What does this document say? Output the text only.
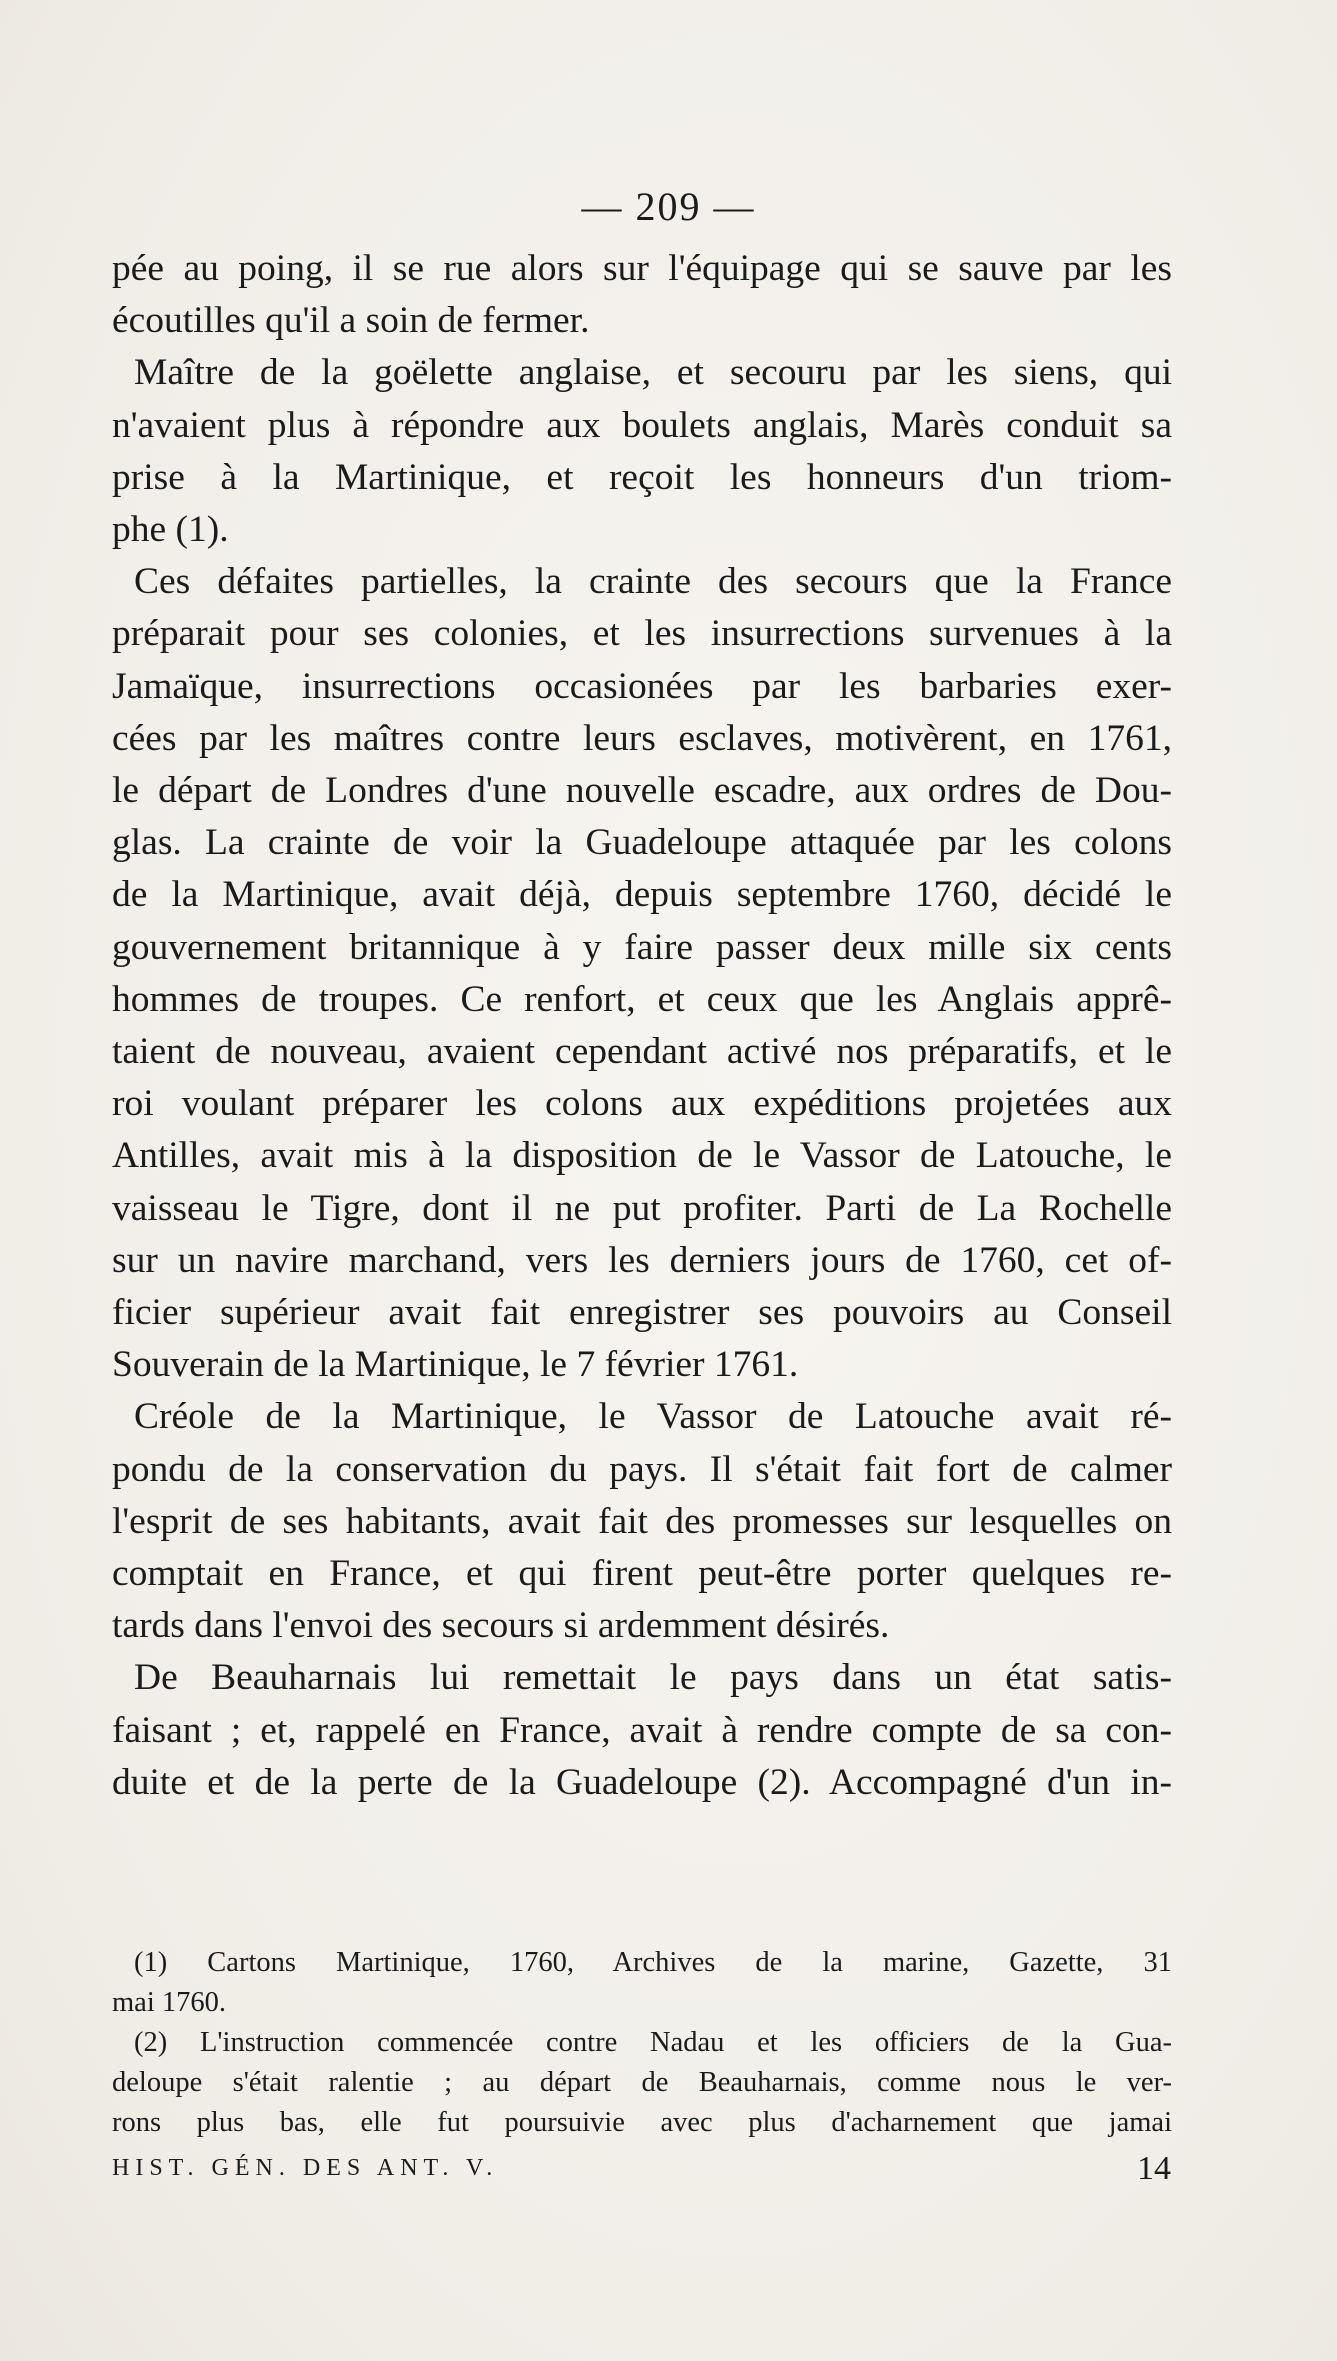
— 209 —
pée au poing, il se rue alors sur l'équipage qui se sauve par les
écoutilles qu'il a soin de fermer.
Maître de la goëlette anglaise, et secouru par les siens, qui
n'avaient plus à répondre aux boulets anglais, Marès conduit sa
prise à la Martinique, et reçoit les honneurs d'un triom-
phe (1).
Ces défaites partielles, la crainte des secours que la France
préparait pour ses colonies, et les insurrections survenues à la
Jamaïque, insurrections occasionées par les barbaries exer-
cées par les maîtres contre leurs esclaves, motivèrent, en 1761,
le départ de Londres d'une nouvelle escadre, aux ordres de Dou-
glas. La crainte de voir la Guadeloupe attaquée par les colons
de la Martinique, avait déjà, depuis septembre 1760, décidé le
gouvernement britannique à y faire passer deux mille six cents
hommes de troupes. Ce renfort, et ceux que les Anglais apprê-
taient de nouveau, avaient cependant activé nos préparatifs, et le
roi voulant préparer les colons aux expéditions projetées aux
Antilles, avait mis à la disposition de le Vassor de Latouche, le
vaisseau le Tigre, dont il ne put profiter. Parti de La Rochelle
sur un navire marchand, vers les derniers jours de 1760, cet of-
ficier supérieur avait fait enregistrer ses pouvoirs au Conseil
Souverain de la Martinique, le 7 février 1761.
Créole de la Martinique, le Vassor de Latouche avait ré-
pondu de la conservation du pays. Il s'était fait fort de calmer
l'esprit de ses habitants, avait fait des promesses sur lesquelles on
comptait en France, et qui firent peut-être porter quelques re-
tards dans l'envoi des secours si ardemment désirés.
De Beauharnais lui remettait le pays dans un état satis-
faisant ; et, rappelé en France, avait à rendre compte de sa con-
duite et de la perte de la Guadeloupe (2). Accompagné d'un in-
(1) Cartons Martinique, 1760, Archives de la marine, Gazette, 31
mai 1760.
(2) L'instruction commencée contre Nadau et les officiers de la Gua-
deloupe s'était ralentie ; au départ de Beauharnais, comme nous le ver-
rons plus bas, elle fut poursuivie avec plus d'acharnement que jamai
HIST. GÉN. DES ANT. V.	14
